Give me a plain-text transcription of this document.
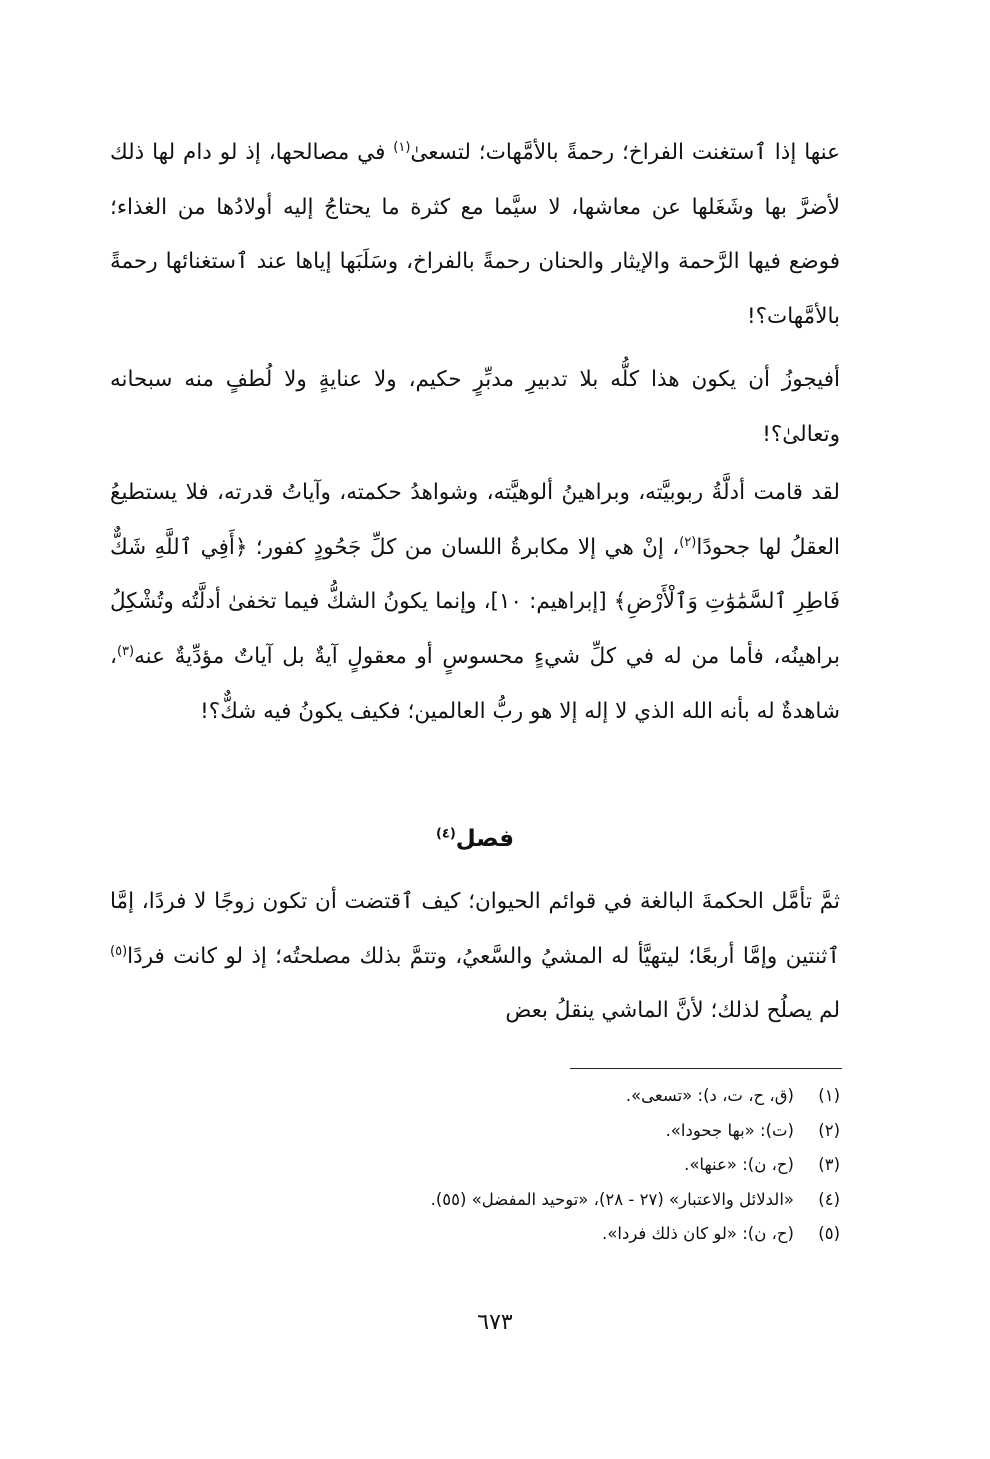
عنها إذا ٱستغنت الفراخ؛ رحمةً بالأمَّهات؛ لتسعىٰ$^{(١)}$ في مصالحها، إذ لو دام لها ذلك لأضرَّ بها وشَغَلها عن معاشها، لا سيَّما مع كثرة ما يحتاجُ إليه أولادُها من الغذاء؛ فوضع فيها الرَّحمة والإيثار والحنان رحمةً بالفراخ، وسَلَبَها إياها عند ٱستغنائها رحمةً بالأمَّهات؟!

أفيجوزُ أن يكون هذا كلُّه بلا تدبيرِ مدبِّرٍ حكيم، ولا عنايةٍ ولا لُطفٍ منه سبحانه وتعالىٰ؟!

لقد قامت أدلَّةُ ربوبيَّته، وبراهينُ ألوهيَّته، وشواهدُ حكمته، وآياتُ قدرته، فلا يستطيعُ العقلُ لها جحودًا$^{(٢)}$، إنْ هي إلا مكابرةُ اللسان من كلِّ جَحُودٍ كفور؛ ﴿أَفِي ٱللَّهِ شَكٌّ فَاطِرِ ٱلسَّمَٰوَٰتِ وَٱلْأَرْضِ﴾ [إبراهيم: ١٠]، وإنما يكونُ الشكُّ فيما تخفىٰ أدلَّتُه وتُشْكِلُ براهينُه، فأما من له في كلِّ شيءٍ محسوسٍ أو معقولٍ آيةٌ بل آياتٌ مؤدِّيةٌ عنه$^{(٣)}$، شاهدةٌ له بأنه الله الذي لا إله إلا هو ربُّ العالمين؛ فكيف يكونُ فيه شكٌّ؟!

فصل$^{(٤)}$

ثمَّ تأمَّل الحكمةَ البالغة في قوائم الحيوان؛ كيف ٱقتضت أن تكون زوجًا لا فردًا، إمَّا ٱثنتين وإمَّا أربعًا؛ ليتهيَّأ له المشيُ والسَّعيُ، وتتمَّ بذلك مصلحتُه؛ إذ لو كانت فردًا$^{(٥)}$ لم يصلُح لذلك؛ لأنَّ الماشي ينقلُ بعض

(١)(ق، ح، ت، د): «تسعى».
(٢)(ت): «بها جحودا».
(٣)(ح، ن): «عنها».
(٤)«الدلائل والاعتبار» (٢٧ - ٢٨)، «توحيد المفضل» (٥٥).
(٥)(ح، ن): «لو كان ذلك فردا».
٦٧٣
